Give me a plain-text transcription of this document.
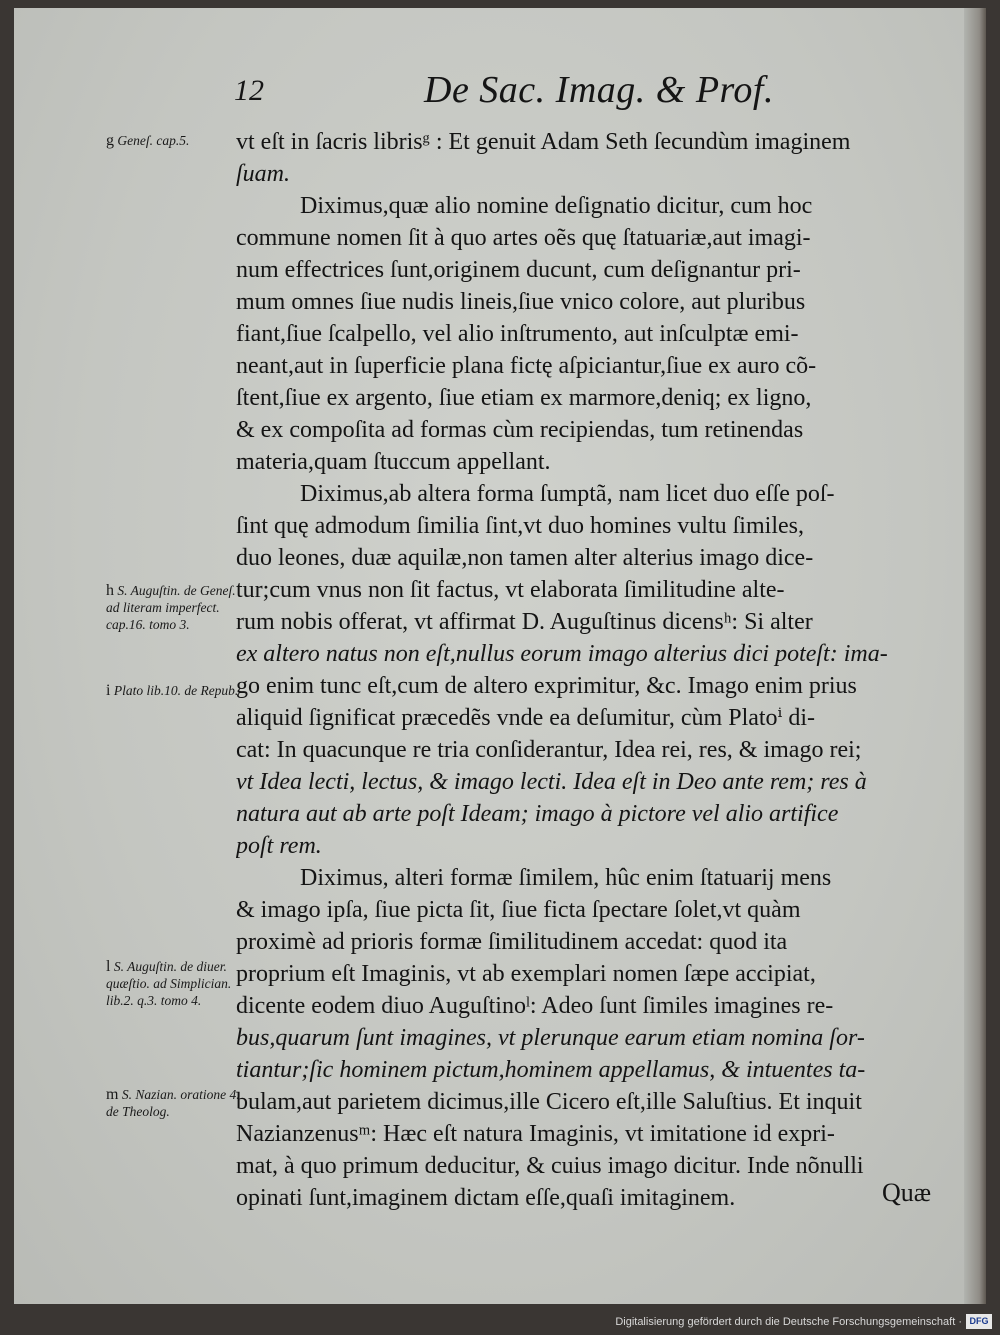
12	De Sac. Imag. & Prof.
g Geneſ. cap.5.
h S. Auguſtin. de Geneſ. ad literam imperfect. cap.16. tomo 3.
i Plato lib.10. de Repub.
l S. Auguſtin. de diuer. quæſtio. ad Simplician. lib.2. q.3. tomo 4.
m S. Nazian. oratione 4. de Theolog.
vt eſt in ſacris librisᵍ : Et genuit Adam Seth ſecundùm imaginem
ſuam.
Diximus,quæ alio nomine deſignatio dicitur, cum hoc
commune nomen ſit à quo artes oẽs quę ſtatuariæ,aut imagi-
num effectrices ſunt,originem ducunt, cum deſignantur pri-
mum omnes ſiue nudis lineis,ſiue vnico colore, aut pluribus
fiant,ſiue ſcalpello, vel alio inſtrumento, aut inſculptæ emi-
neant,aut in ſuperficie plana fictę aſpiciantur,ſiue ex auro cõ-
ſtent,ſiue ex argento, ſiue etiam ex marmore,deniq; ex ligno,
& ex compoſita ad formas cùm recipiendas, tum retinendas
materia,quam ſtuccum appellant.
Diximus,ab altera forma ſumptã, nam licet duo eſſe poſ-
ſint quę admodum ſimilia ſint,vt duo homines vultu ſimiles,
duo leones, duæ aquilæ,non tamen alter alterius imago dice-
tur;cum vnus non ſit factus, vt elaborata ſimilitudine alte-
rum nobis offerat, vt affirmat D. Auguſtinus dicensʰ: Si alter
ex altero natus non eſt,nullus eorum imago alterius dici poteſt: ima-
go enim tunc eſt,cum de altero exprimitur, &c. Imago enim prius
aliquid ſignificat præcedẽs vnde ea deſumitur, cùm Platoⁱ di-
cat: In quacunque re tria conſiderantur, Idea rei, res, & imago rei;
vt Idea lecti, lectus, & imago lecti. Idea eſt in Deo ante rem; res à
natura aut ab arte poſt Ideam; imago à pictore vel alio artifice
poſt rem.
Diximus, alteri formæ ſimilem, hûc enim ſtatuarij mens
& imago ipſa, ſiue picta ſit, ſiue ficta ſpectare ſolet,vt quàm
proximè ad prioris formæ ſimilitudinem accedat: quod ita
proprium eſt Imaginis, vt ab exemplari nomen ſæpe accipiat,
dicente eodem diuo Auguſtinoˡ: Adeo ſunt ſimiles imagines re-
bus,quarum ſunt imagines, vt plerunque earum etiam nomina ſor-
tiantur;ſic hominem pictum,hominem appellamus, & intuentes ta-
bulam,aut parietem dicimus,ille Cicero eſt,ille Saluſtius. Et inquit
Nazianzenusᵐ: Hæc eſt natura Imaginis, vt imitatione id expri-
mat, à quo primum deducitur, & cuius imago dicitur. Inde nõnulli
opinati ſunt,imaginem dictam eſſe,quaſi imitaginem.	Quæ
Digitalisierung gefördert durch die Deutsche Forschungsgemeinschaft · DFG
